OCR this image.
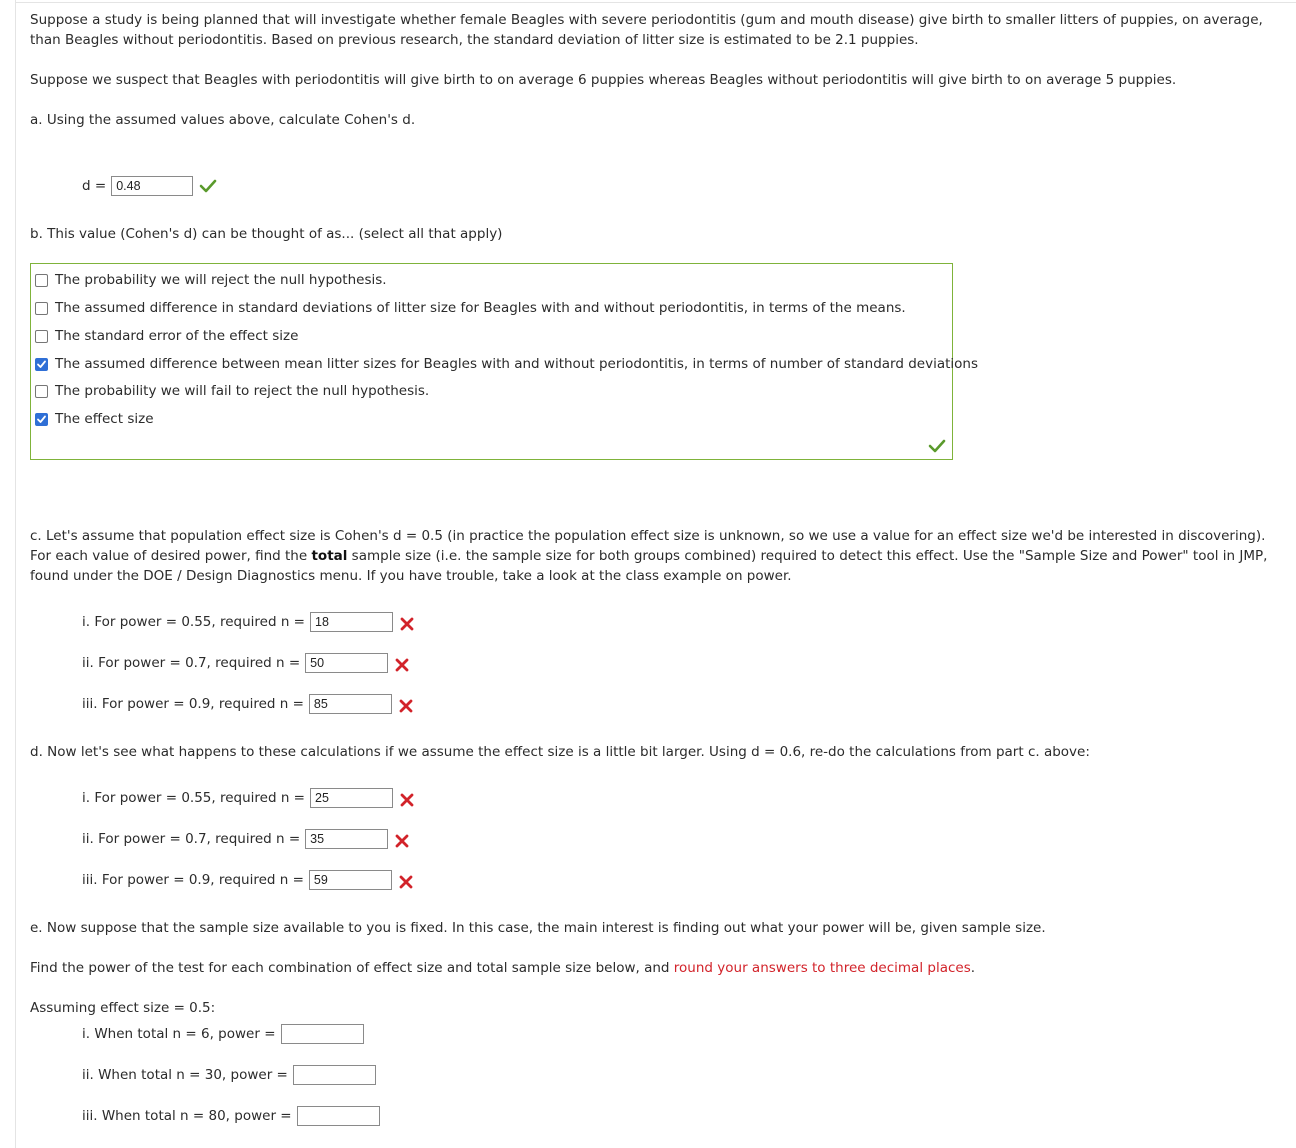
Suppose a study is being planned that will investigate whether female Beagles with severe periodontitis (gum and mouth disease) give birth to smaller litters of puppies, on average, than Beagles without periodontitis. Based on previous research, the standard deviation of litter size is estimated to be 2.1 puppies.

Suppose we suspect that Beagles with periodontitis will give birth to on average 6 puppies whereas Beagles without periodontitis will give birth to on average 5 puppies.

a. Using the assumed values above, calculate Cohen's d.

d = 0.48

b. This value (Cohen's d) can be thought of as... (select all that apply)

The probability we will reject the null hypothesis.
The assumed difference in standard deviations of litter size for Beagles with and without periodontitis, in terms of the means.
The standard error of the effect size
The assumed difference between mean litter sizes for Beagles with and without periodontitis, in terms of number of standard deviations
The probability we will fail to reject the null hypothesis.
The effect size

c. Let's assume that population effect size is Cohen's d = 0.5 (in practice the population effect size is unknown, so we use a value for an effect size we'd be interested in discovering). For each value of desired power, find the total sample size (i.e. the sample size for both groups combined) required to detect this effect. Use the "Sample Size and Power" tool in JMP, found under the DOE / Design Diagnostics menu. If you have trouble, take a look at the class example on power.

i. For power = 0.55, required n = 18
ii. For power = 0.7, required n = 50
iii. For power = 0.9, required n = 85

d. Now let's see what happens to these calculations if we assume the effect size is a little bit larger. Using d = 0.6, re-do the calculations from part c. above:

i. For power = 0.55, required n = 25
ii. For power = 0.7, required n = 35
iii. For power = 0.9, required n = 59

e. Now suppose that the sample size available to you is fixed. In this case, the main interest is finding out what your power will be, given sample size.

Find the power of the test for each combination of effect size and total sample size below, and round your answers to three decimal places.

Assuming effect size = 0.5:

i. When total n = 6, power =
ii. When total n = 30, power =
iii. When total n = 80, power =
